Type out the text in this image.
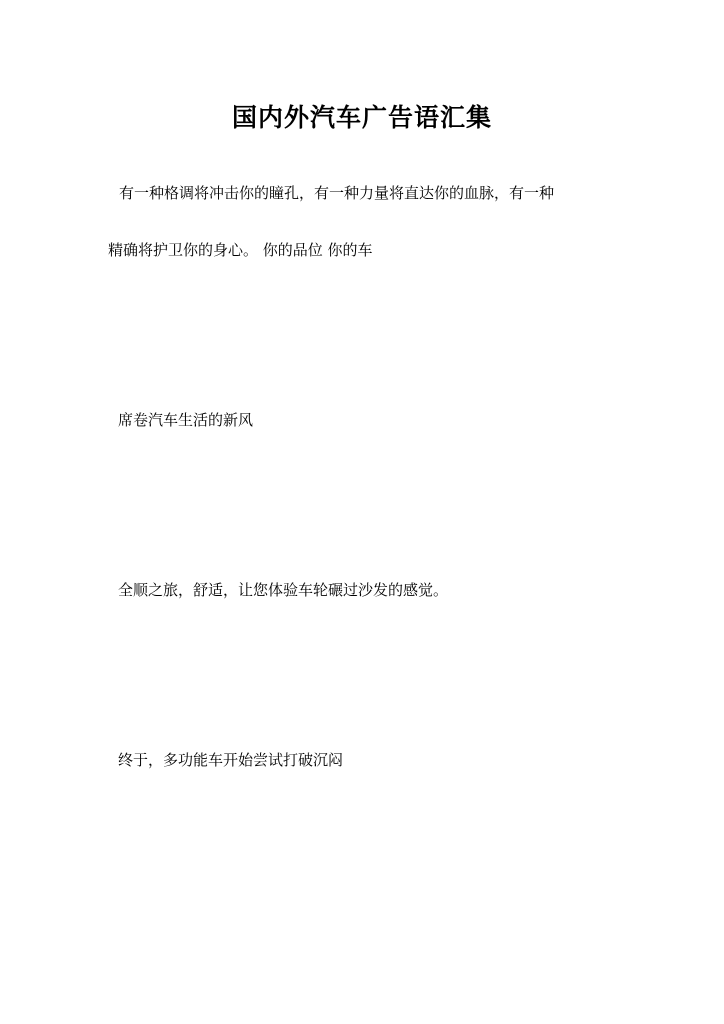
国内外汽车广告语汇集
有一种格调将冲击你的瞳孔，有一种力量将直达你的血脉，有一种
精确将护卫你的身心。 你的品位 你的车
席卷汽车生活的新风
全顺之旅，舒适，让您体验车轮碾过沙发的感觉。
终于，多功能车开始尝试打破沉闷
